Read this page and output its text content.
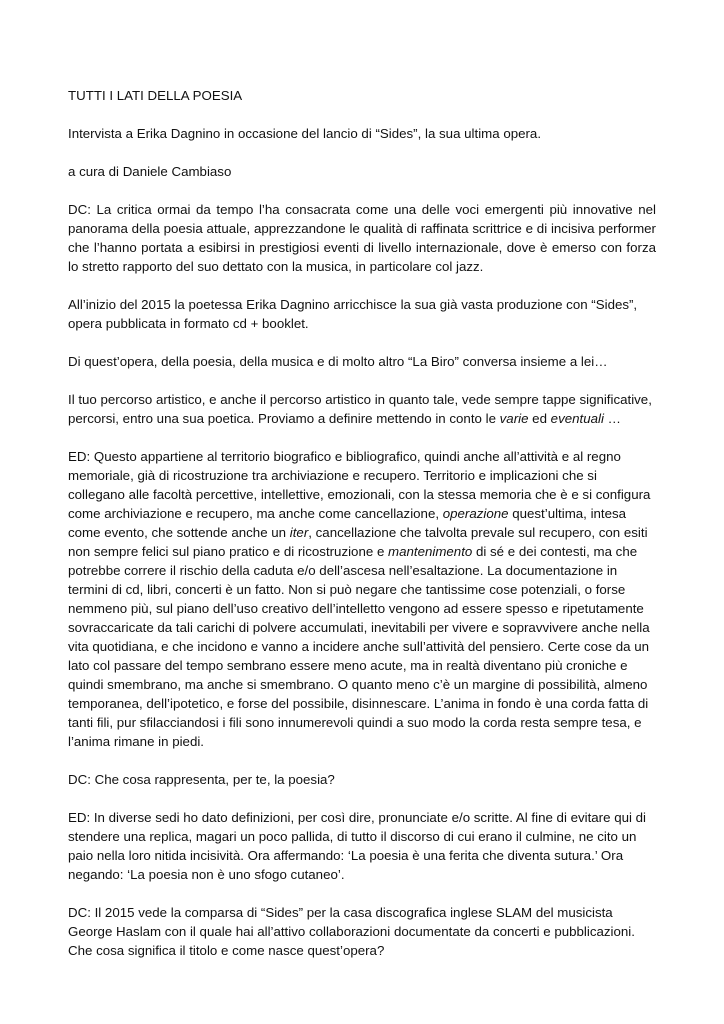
TUTTI I LATI DELLA POESIA

Intervista a Erika Dagnino in occasione del lancio di “Sides”, la sua ultima opera.

a cura di Daniele Cambiaso

DC: La critica ormai da tempo l’ha consacrata come una delle voci emergenti più innovative nel panorama della poesia attuale, apprezzandone le qualità di raffinata scrittrice e di incisiva performer che l’hanno portata a esibirsi in prestigiosi eventi di livello internazionale, dove è emerso con forza lo stretto rapporto del suo dettato con la musica, in particolare col jazz.

All’inizio del 2015 la poetessa Erika Dagnino arricchisce la sua già vasta produzione con “Sides”, opera pubblicata in formato cd + booklet.

Di quest’opera, della poesia, della musica e di molto altro “La Biro” conversa insieme a lei…

Il tuo percorso artistico, e anche il percorso artistico in quanto tale, vede sempre tappe significative, percorsi, entro una sua poetica. Proviamo a definire mettendo in conto le varie ed eventuali …

ED: Questo appartiene al territorio biografico e bibliografico, quindi anche all’attività e al regno memoriale, già di ricostruzione tra archiviazione e recupero. Territorio e implicazioni che si collegano alle facoltà percettive, intellettive, emozionali, con la stessa memoria che è e si configura come archiviazione e recupero, ma anche come cancellazione, operazione quest’ultima, intesa come evento, che sottende anche un iter, cancellazione che talvolta prevale sul recupero, con esiti non sempre felici sul piano pratico e di ricostruzione e mantenimento di sé e dei contesti, ma che potrebbe correre il rischio della caduta e/o dell’ascesa nell’esaltazione. La documentazione in termini di cd, libri, concerti è un fatto. Non si può negare che tantissime cose potenziali, o forse nemmeno più, sul piano dell’uso creativo dell’intelletto vengono ad essere spesso e ripetutamente sovraccaricate da tali carichi di polvere accumulati, inevitabili per vivere e sopravvivere anche nella vita quotidiana, e che incidono e vanno a incidere anche sull’attività del pensiero. Certe cose da un lato col passare del tempo sembrano essere meno acute, ma in realtà diventano più croniche e quindi smembrano, ma anche si smembrano. O quanto meno c’è un margine di possibilità, almeno temporanea, dell’ipotetico, e forse del possibile, disinnescare. L’anima in fondo è una corda fatta di tanti fili, pur sfilacciandosi i fili sono innumerevoli quindi a suo modo la corda resta sempre tesa, e l’anima rimane in piedi.

DC: Che cosa rappresenta, per te, la poesia?

ED: In diverse sedi ho dato definizioni, per così dire, pronunciate e/o scritte. Al fine di evitare qui di stendere una replica, magari un poco pallida, di tutto il discorso di cui erano il culmine, ne cito un paio nella loro nitida incisività. Ora affermando: ‘La poesia è una ferita che diventa sutura.’ Ora negando: ‘La poesia non è uno sfogo cutaneo’.

DC: Il 2015 vede la comparsa di “Sides” per la casa discografica inglese SLAM del musicista George Haslam con il quale hai all’attivo collaborazioni documentate da concerti e pubblicazioni. Che cosa significa il titolo e come nasce quest’opera?
